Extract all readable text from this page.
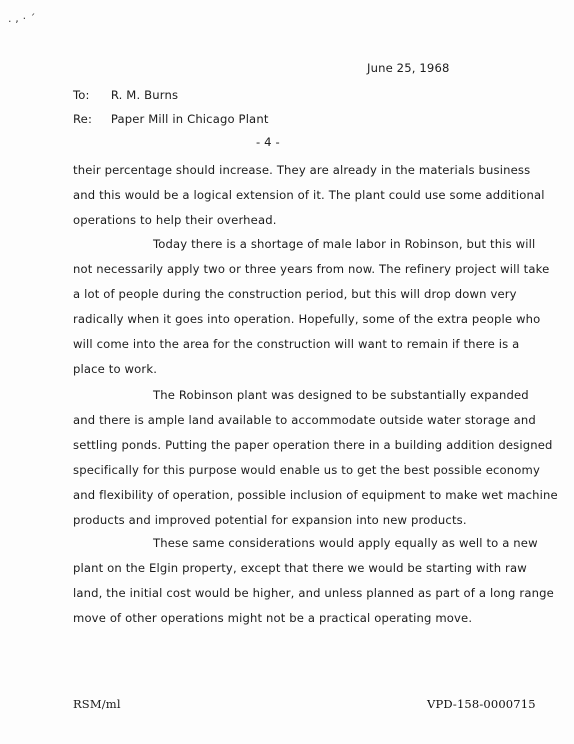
. , · ´
June 25, 1968
To: R. M. Burns
Re: Paper Mill in Chicago Plant
- 4 -
their percentage should increase. They are already in the materials business
and this would be a logical extension of it. The plant could use some additional
operations to help their overhead.
Today there is a shortage of male labor in Robinson, but this will
not necessarily apply two or three years from now. The refinery project will take
a lot of people during the construction period, but this will drop down very
radically when it goes into operation. Hopefully, some of the extra people who
will come into the area for the construction will want to remain if there is a
place to work.
The Robinson plant was designed to be substantially expanded
and there is ample land available to accommodate outside water storage and
settling ponds. Putting the paper operation there in a building addition designed
specifically for this purpose would enable us to get the best possible economy
and flexibility of operation, possible inclusion of equipment to make wet machine
products and improved potential for expansion into new products.
These same considerations would apply equally as well to a new
plant on the Elgin property, except that there we would be starting with raw
land, the initial cost would be higher, and unless planned as part of a long range
move of other operations might not be a practical operating move.
RSM/ml	VPD-158-0000715
